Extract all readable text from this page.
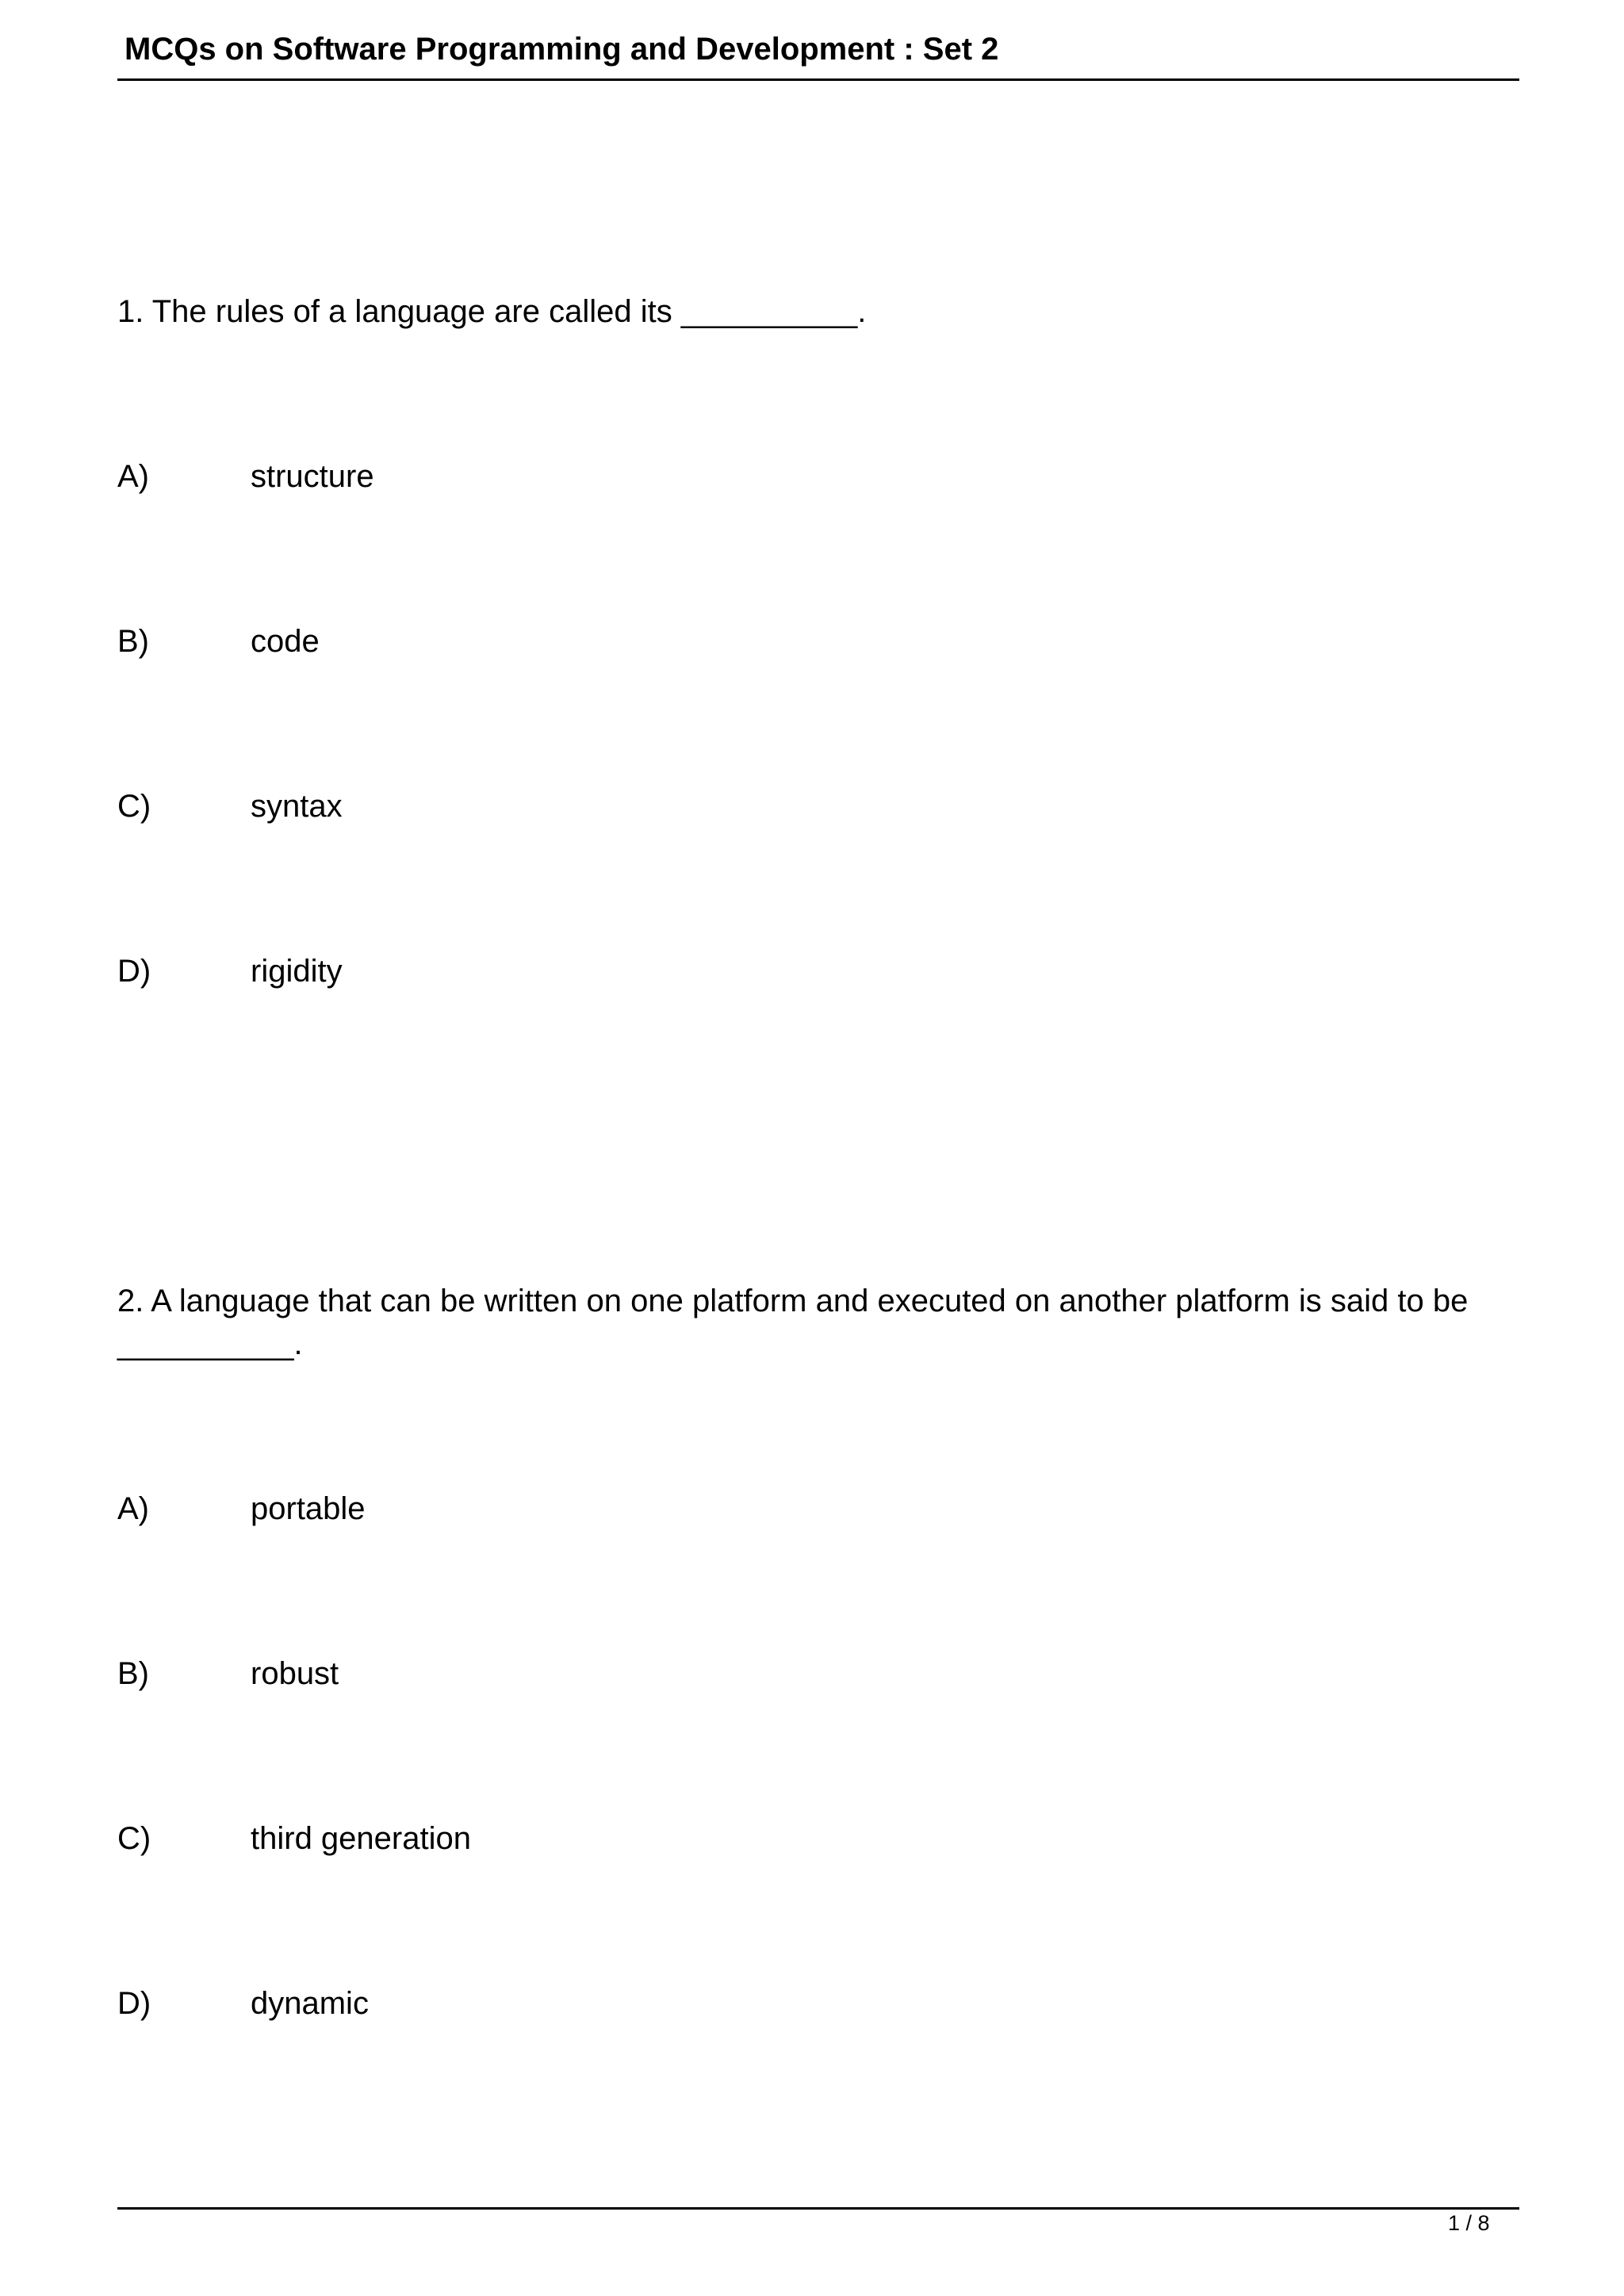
MCQs on Software Programming and Development : Set 2
1. The rules of a language are called its __________.
A)	structure
B)	code
C)	syntax
D)	rigidity
2. A language that can be written on one platform and executed on another platform is said to be __________.
A)	portable
B)	robust
C)	third generation
D)	dynamic
1 / 8
